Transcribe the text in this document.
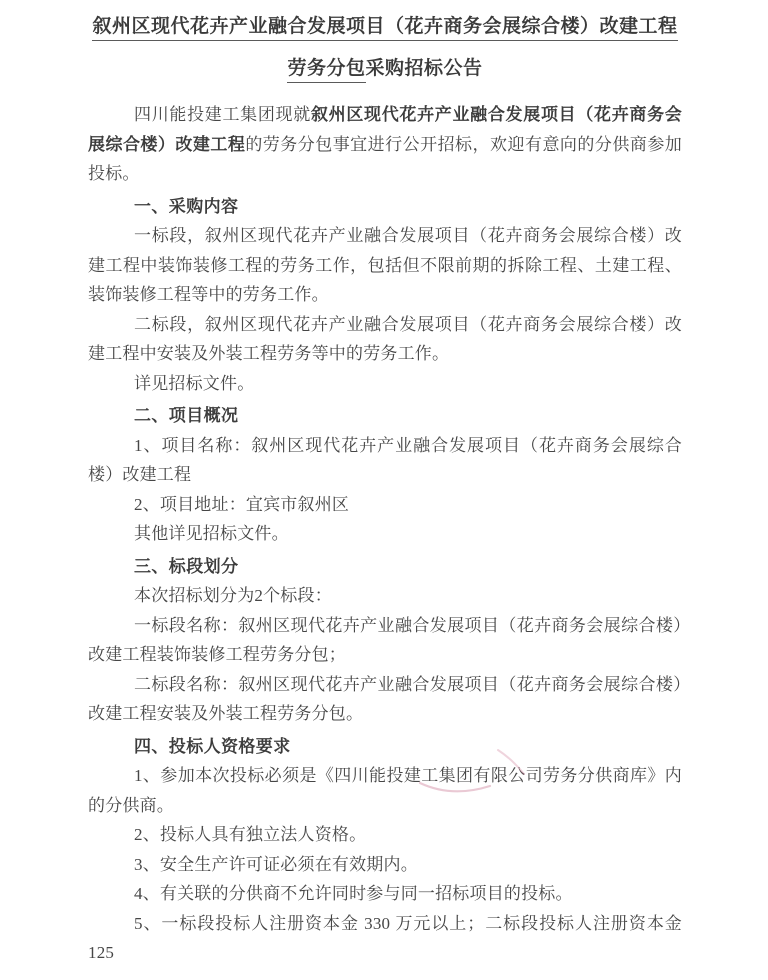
叙州区现代花卉产业融合发展项目（花卉商务会展综合楼）改建工程
劳务分包采购招标公告

四川能投建工集团现就叙州区现代花卉产业融合发展项目（花卉商务会展综合楼）改建工程的劳务分包事宜进行公开招标，欢迎有意向的分供商参加投标。

一、采购内容

一标段，叙州区现代花卉产业融合发展项目（花卉商务会展综合楼）改建工程中装饰装修工程的劳务工作，包括但不限前期的拆除工程、土建工程、装饰装修工程等中的劳务工作。

二标段，叙州区现代花卉产业融合发展项目（花卉商务会展综合楼）改建工程中安装及外装工程劳务等中的劳务工作。

详见招标文件。

二、项目概况

1、项目名称：叙州区现代花卉产业融合发展项目（花卉商务会展综合楼）改建工程

2、项目地址：宜宾市叙州区

其他详见招标文件。

三、标段划分

本次招标划分为2个标段：

一标段名称：叙州区现代花卉产业融合发展项目（花卉商务会展综合楼）改建工程装饰装修工程劳务分包；

二标段名称：叙州区现代花卉产业融合发展项目（花卉商务会展综合楼）改建工程安装及外装工程劳务分包。

四、投标人资格要求

1、参加本次投标必须是《四川能投建工集团有限公司劳务分供商库》内的分供商。

2、投标人具有独立法人资格。

3、安全生产许可证必须在有效期内。

4、有关联的分供商不允许同时参与同一招标项目的投标。

5、一标段投标人注册资本金 330 万元以上；二标段投标人注册资本金 125
